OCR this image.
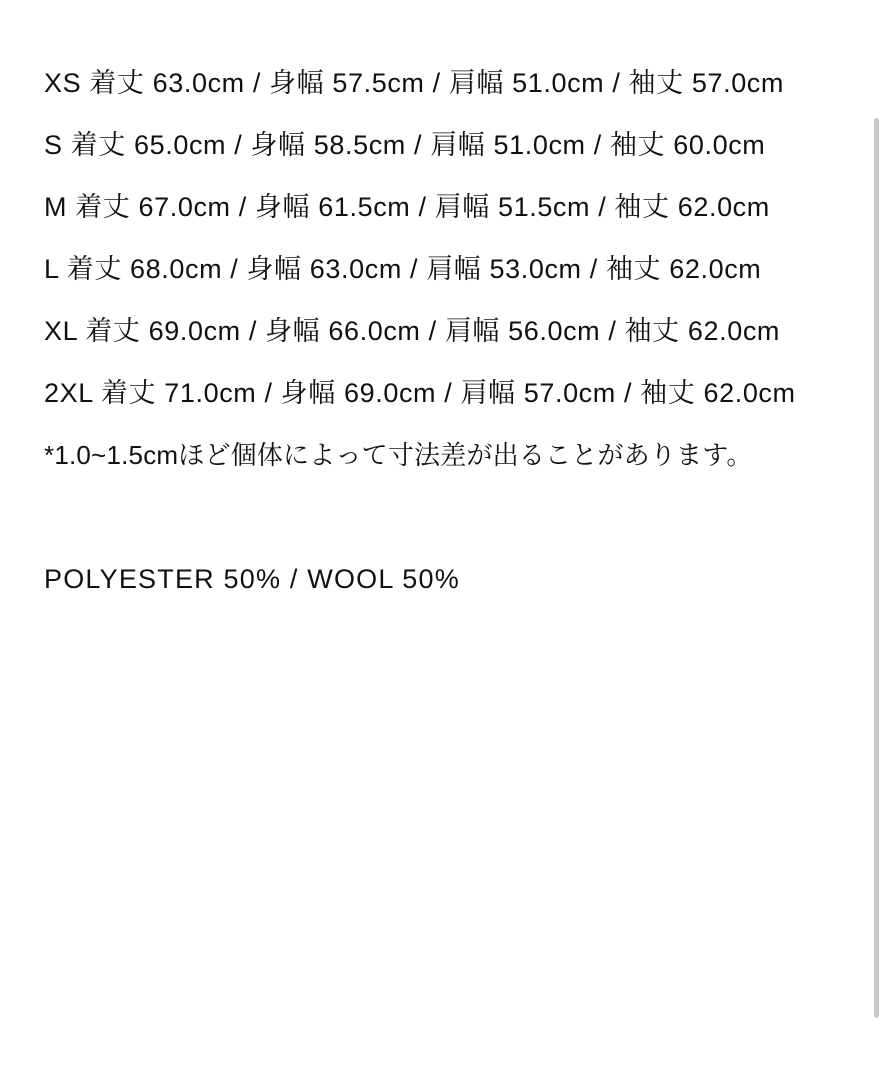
XS 着丈 63.0cm / 身幅 57.5cm / 肩幅 51.0cm / 袖丈 57.0cm

S 着丈 65.0cm / 身幅 58.5cm / 肩幅 51.0cm / 袖丈 60.0cm

M 着丈 67.0cm / 身幅 61.5cm / 肩幅 51.5cm / 袖丈 62.0cm

L 着丈 68.0cm / 身幅 63.0cm / 肩幅 53.0cm / 袖丈 62.0cm

XL 着丈 69.0cm / 身幅 66.0cm / 肩幅 56.0cm / 袖丈 62.0cm

2XL 着丈 71.0cm / 身幅 69.0cm / 肩幅 57.0cm / 袖丈 62.0cm

*1.0~1.5cmほど個体によって寸法差が出ることがあります。

POLYESTER 50% / WOOL 50%
